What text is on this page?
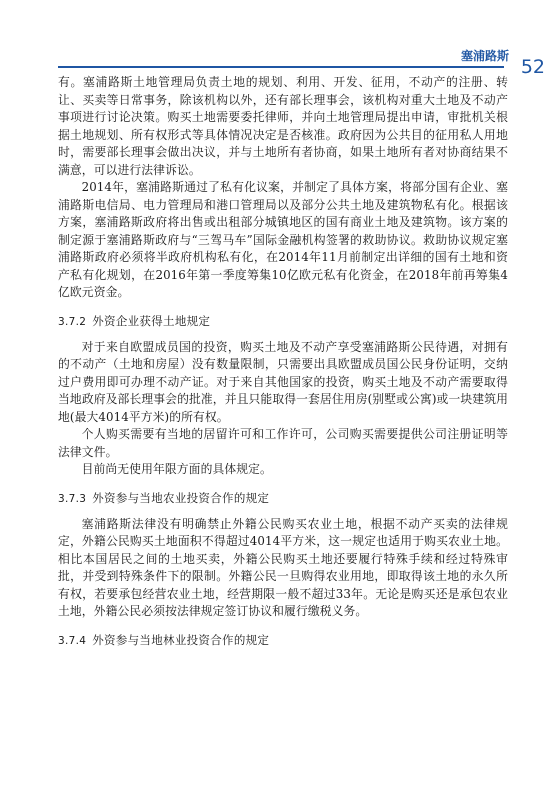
塞浦路斯 52

有。塞浦路斯土地管理局负责土地的规划、利用、开发、征用，不动产的注册、转让、买卖等日常事务，除该机构以外，还有部长理事会，该机构对重大土地及不动产事项进行讨论决策。购买土地需要委托律师，并向土地管理局提出申请，审批机关根据土地规划、所有权形式等具体情况决定是否核准。政府因为公共目的征用私人用地时，需要部长理事会做出决议，并与土地所有者协商，如果土地所有者对协商结果不满意，可以进行法律诉讼。

2014年，塞浦路斯通过了私有化议案，并制定了具体方案，将部分国有企业、塞浦路斯电信局、电力管理局和港口管理局以及部分公共土地及建筑物私有化。根据该方案，塞浦路斯政府将出售或出租部分城镇地区的国有商业土地及建筑物。该方案的制定源于塞浦路斯政府与“三驾马车”国际金融机构签署的救助协议。救助协议规定塞浦路斯政府必须将半政府机构私有化，在2014年11月前制定出详细的国有土地和资产私有化规划，在2016年第一季度筹集10亿欧元私有化资金，在2018年前再筹集4亿欧元资金。

3.7.2 外资企业获得土地规定

对于来自欧盟成员国的投资，购买土地及不动产享受塞浦路斯公民待遇，对拥有的不动产（土地和房屋）没有数量限制，只需要出具欧盟成员国公民身份证明，交纳过户费用即可办理不动产证。对于来自其他国家的投资，购买土地及不动产需要取得当地政府及部长理事会的批准，并且只能取得一套居住用房(别墅或公寓)或一块建筑用地(最大4014平方米)的所有权。

个人购买需要有当地的居留许可和工作许可，公司购买需要提供公司注册证明等法律文件。

目前尚无使用年限方面的具体规定。

3.7.3 外资参与当地农业投资合作的规定

塞浦路斯法律没有明确禁止外籍公民购买农业土地，根据不动产买卖的法律规定，外籍公民购买土地面积不得超过4014平方米，这一规定也适用于购买农业土地。相比本国居民之间的土地买卖，外籍公民购买土地还要履行特殊手续和经过特殊审批，并受到特殊条件下的限制。外籍公民一旦购得农业用地，即取得该土地的永久所有权，若要承包经营农业土地，经营期限一般不超过33年。无论是购买还是承包农业土地，外籍公民必须按法律规定签订协议和履行缴税义务。

3.7.4 外资参与当地林业投资合作的规定
